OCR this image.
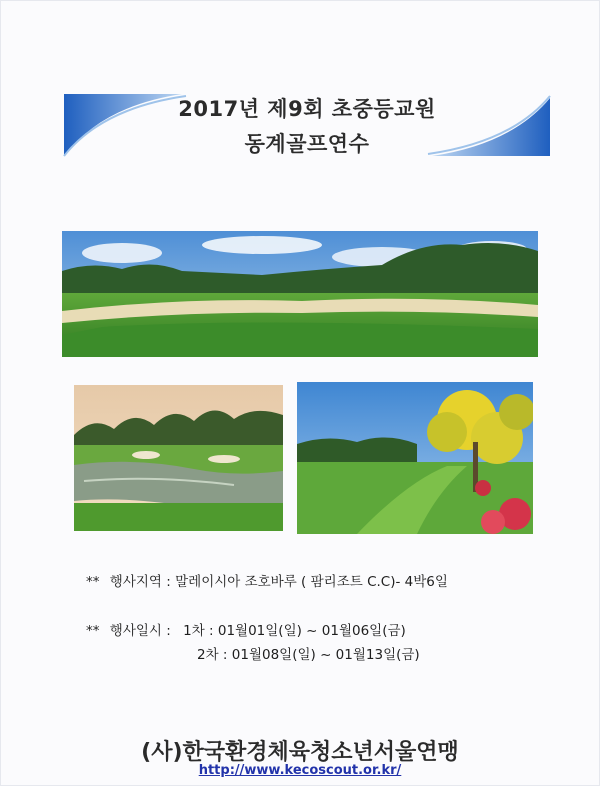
2017년 제9회 초중등교원
동계골프연수
** 행사지역 : 말레이시아 조호바루 ( 팜리조트 C.C)- 4박6일
** 행사일시 : 1차 : 01월01일(일) ~ 01월06일(금)
2차 : 01월08일(일) ~ 01월13일(금)
(사)한국환경체육청소년서울연맹
http://www.kecoscout.or.kr/
